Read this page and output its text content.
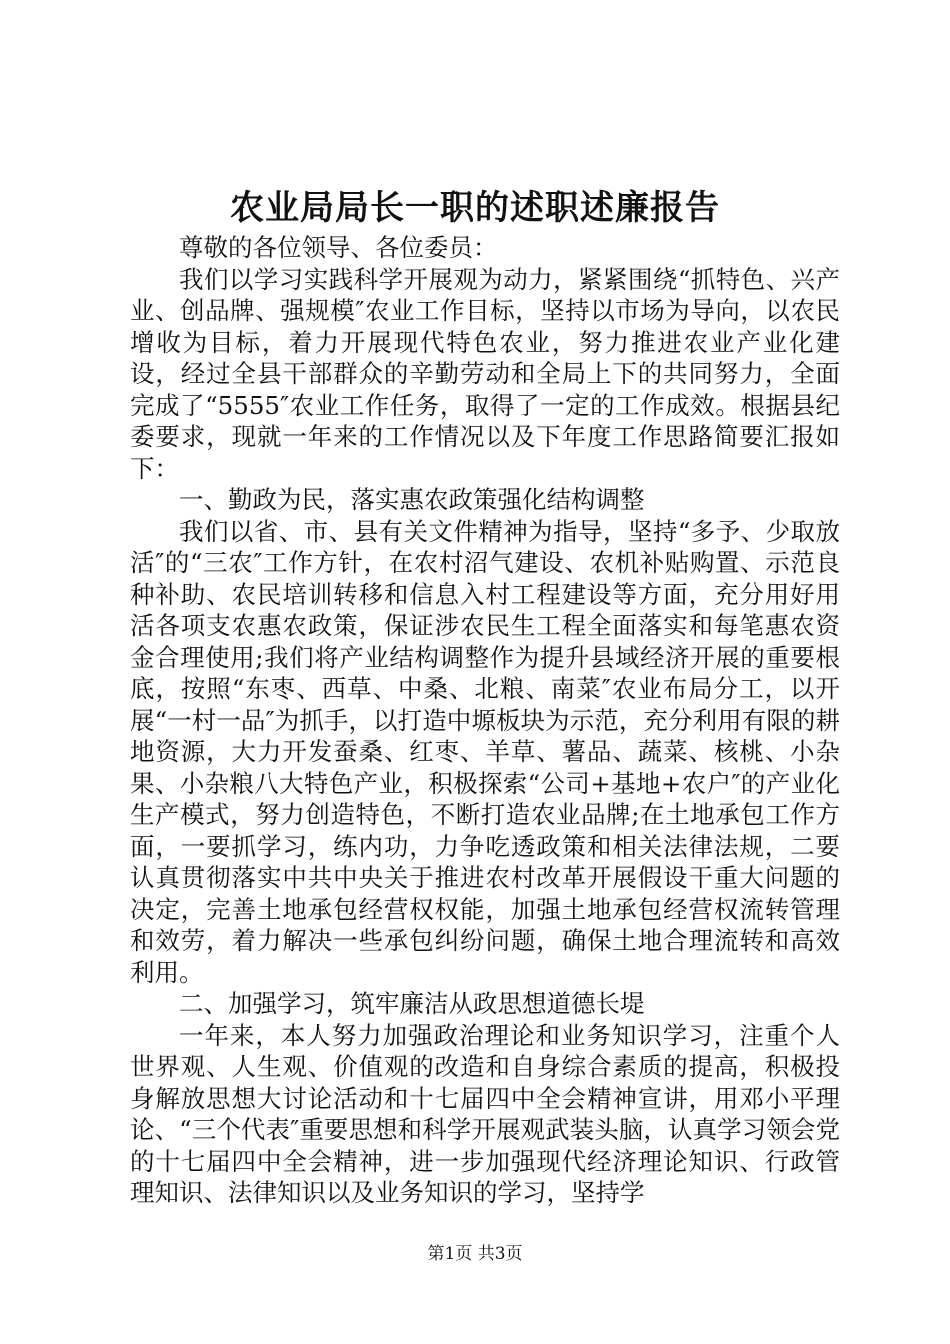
农业局局长一职的述职述廉报告

尊敬的各位领导、各位委员：

我们以学习实践科学开展观为动力，紧紧围绕“抓特色、兴产业、创品牌、强规模″农业工作目标，坚持以市场为导向，以农民增收为目标，着力开展现代特色农业，努力推进农业产业化建设，经过全县干部群众的辛勤劳动和全局上下的共同努力，全面完成了“5555″农业工作任务，取得了一定的工作成效。根据县纪委要求，现就一年来的工作情况以及下年度工作思路简要汇报如下：

一、勤政为民，落实惠农政策强化结构调整

我们以省、市、县有关文件精神为指导，坚持“多予、少取放活″的“三农″工作方针，在农村沼气建设、农机补贴购置、示范良种补助、农民培训转移和信息入村工程建设等方面，充分用好用活各项支农惠农政策，保证涉农民生工程全面落实和每笔惠农资金合理使用;我们将产业结构调整作为提升县域经济开展的重要根底，按照“东枣、西草、中桑、北粮、南菜″农业布局分工，以开展“一村一品″为抓手，以打造中塬板块为示范，充分利用有限的耕地资源，大力开发蚕桑、红枣、羊草、薯品、蔬菜、核桃、小杂果、小杂粮八大特色产业，积极探索“公司+基地+农户″的产业化生产模式，努力创造特色，不断打造农业品牌;在土地承包工作方面，一要抓学习，练内功，力争吃透政策和相关法律法规，二要认真贯彻落实中共中央关于推进农村改革开展假设干重大问题的决定，完善土地承包经营权权能，加强土地承包经营权流转管理和效劳，着力解决一些承包纠纷问题，确保土地合理流转和高效利用。

二、加强学习，筑牢廉洁从政思想道德长堤

一年来，本人努力加强政治理论和业务知识学习，注重个人世界观、人生观、价值观的改造和自身综合素质的提高，积极投身解放思想大讨论活动和十七届四中全会精神宣讲，用邓小平理论、“三个代表″重要思想和科学开展观武装头脑，认真学习领会党的十七届四中全会精神，进一步加强现代经济理论知识、行政管理知识、法律知识以及业务知识的学习，坚持学

第1页 共3页
